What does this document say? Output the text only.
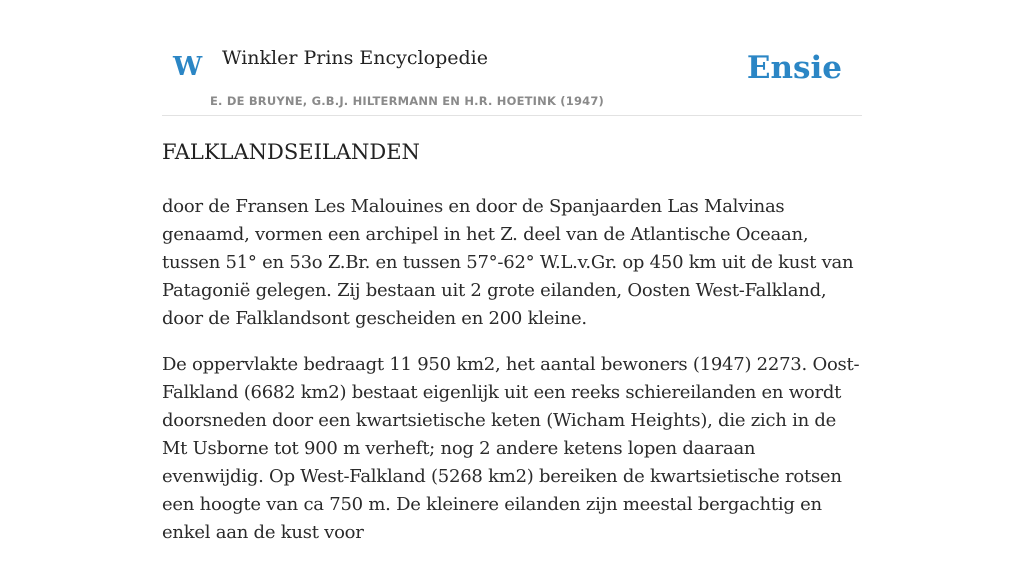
W Winkler Prins Encyclopedie
E. DE BRUYNE, G.B.J. HILTERMANN EN H.R. HOETINK (1947)
Ensie
FALKLANDSEILANDEN

door de Fransen Les Malouines en door de Spanjaarden Las Malvinas genaamd, vormen een archipel in het Z. deel van de Atlantische Oceaan, tussen 51° en 53o Z.Br. en tussen 57°-62° W.L.v.Gr. op 450 km uit de kust van Patagonië gelegen. Zij bestaan uit 2 grote eilanden, Oosten West-Falkland, door de Falklandsont gescheiden en 200 kleine.

De oppervlakte bedraagt 11 950 km2, het aantal bewoners (1947) 2273. Oost-Falkland (6682 km2) bestaat eigenlijk uit een reeks schiereilanden en wordt doorsneden door een kwartsietische keten (Wicham Heights), die zich in de Mt Usborne tot 900 m verheft; nog 2 andere ketens lopen daaraan evenwijdig. Op West-Falkland (5268 km2) bereiken de kwartsietische rotsen een hoogte van ca 750 m. De kleinere eilanden zijn meestal bergachtig en enkel aan de kust voor
